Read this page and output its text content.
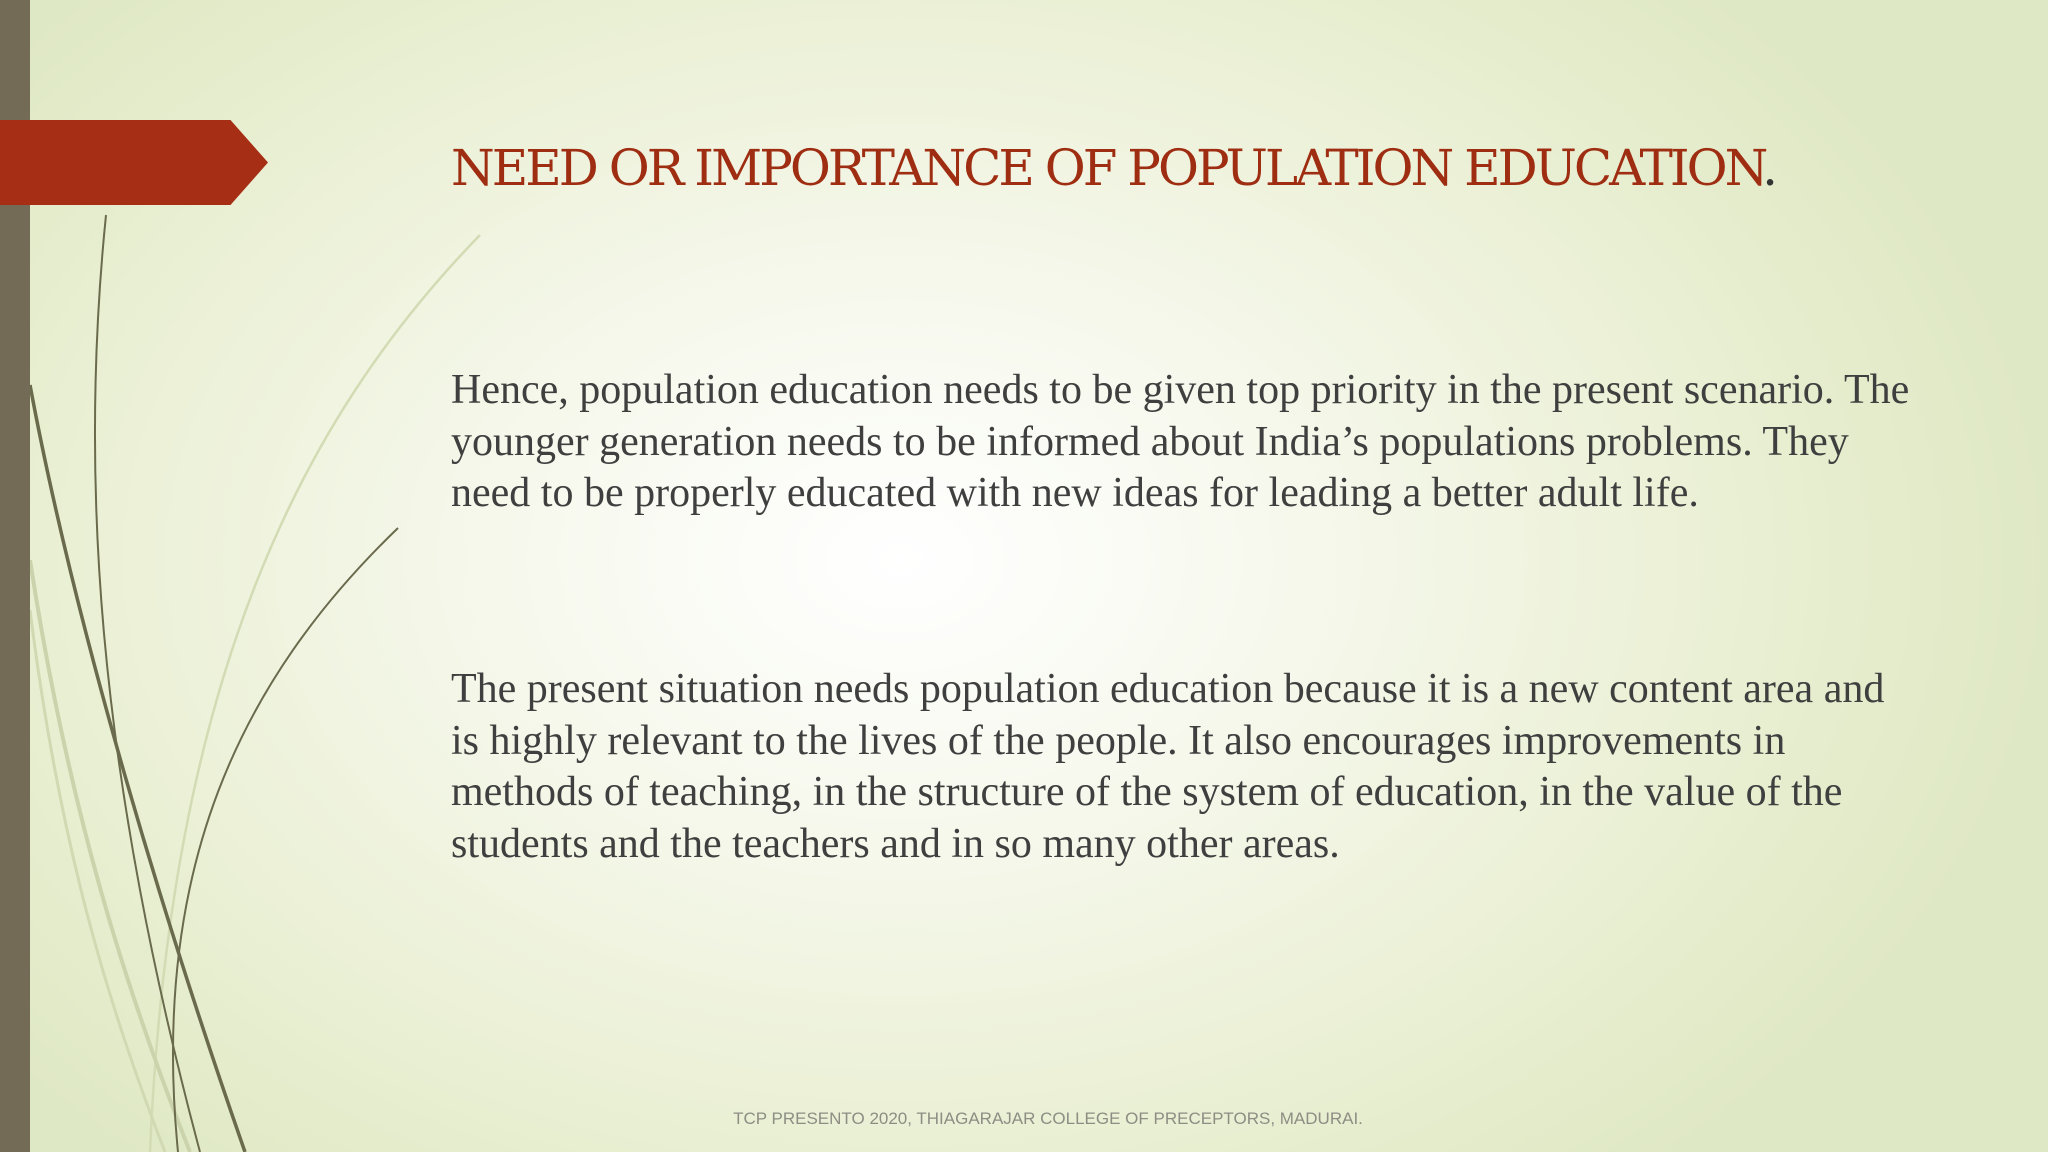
NEED OR IMPORTANCE OF POPULATION EDUCATION.

Hence, population education needs to be given top priority in the present scenario. The younger generation needs to be informed about India’s populations problems. They need to be properly educated with new ideas for leading a better adult life.

The present situation needs population education because it is a new content area and is highly relevant to the lives of the people. It also encourages improvements in methods of teaching, in the structure of the system of education, in the value of the students and the teachers and in so many other areas.

TCP PRESENTO 2020, THIAGARAJAR COLLEGE OF PRECEPTORS, MADURAI.
